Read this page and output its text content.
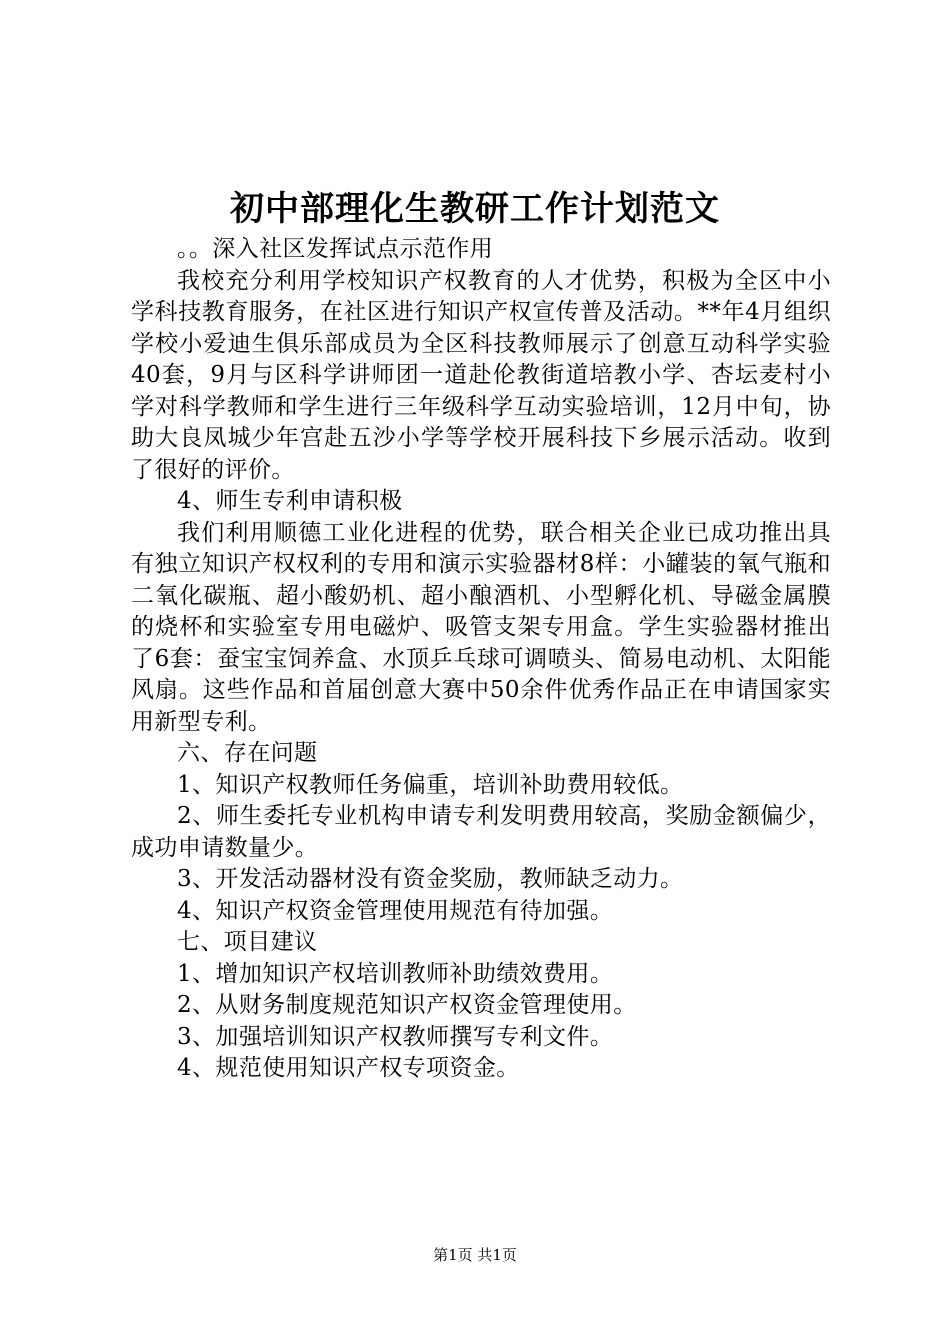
初中部理化生教研工作计划范文

。。深入社区发挥试点示范作用

我校充分利用学校知识产权教育的人才优势，积极为全区中小学科技教育服务，在社区进行知识产权宣传普及活动。**年4月组织学校小爱迪生俱乐部成员为全区科技教师展示了创意互动科学实验40套，9月与区科学讲师团一道赴伦教街道培教小学、杏坛麦村小学对科学教师和学生进行三年级科学互动实验培训，12月中旬，协助大良凤城少年宫赴五沙小学等学校开展科技下乡展示活动。收到了很好的评价。

4、师生专利申请积极

我们利用顺德工业化进程的优势，联合相关企业已成功推出具有独立知识产权权利的专用和演示实验器材8样：小罐装的氧气瓶和二氧化碳瓶、超小酸奶机、超小酿酒机、小型孵化机、导磁金属膜的烧杯和实验室专用电磁炉、吸管支架专用盒。学生实验器材推出了6套：蚕宝宝饲养盒、水顶乒乓球可调喷头、简易电动机、太阳能风扇。这些作品和首届创意大赛中50余件优秀作品正在申请国家实用新型专利。

六、存在问题

1、知识产权教师任务偏重，培训补助费用较低。

2、师生委托专业机构申请专利发明费用较高，奖励金额偏少，成功申请数量少。

3、开发活动器材没有资金奖励，教师缺乏动力。

4、知识产权资金管理使用规范有待加强。

七、项目建议

1、增加知识产权培训教师补助绩效费用。

2、从财务制度规范知识产权资金管理使用。

3、加强培训知识产权教师撰写专利文件。

4、规范使用知识产权专项资金。

第1页 共1页
